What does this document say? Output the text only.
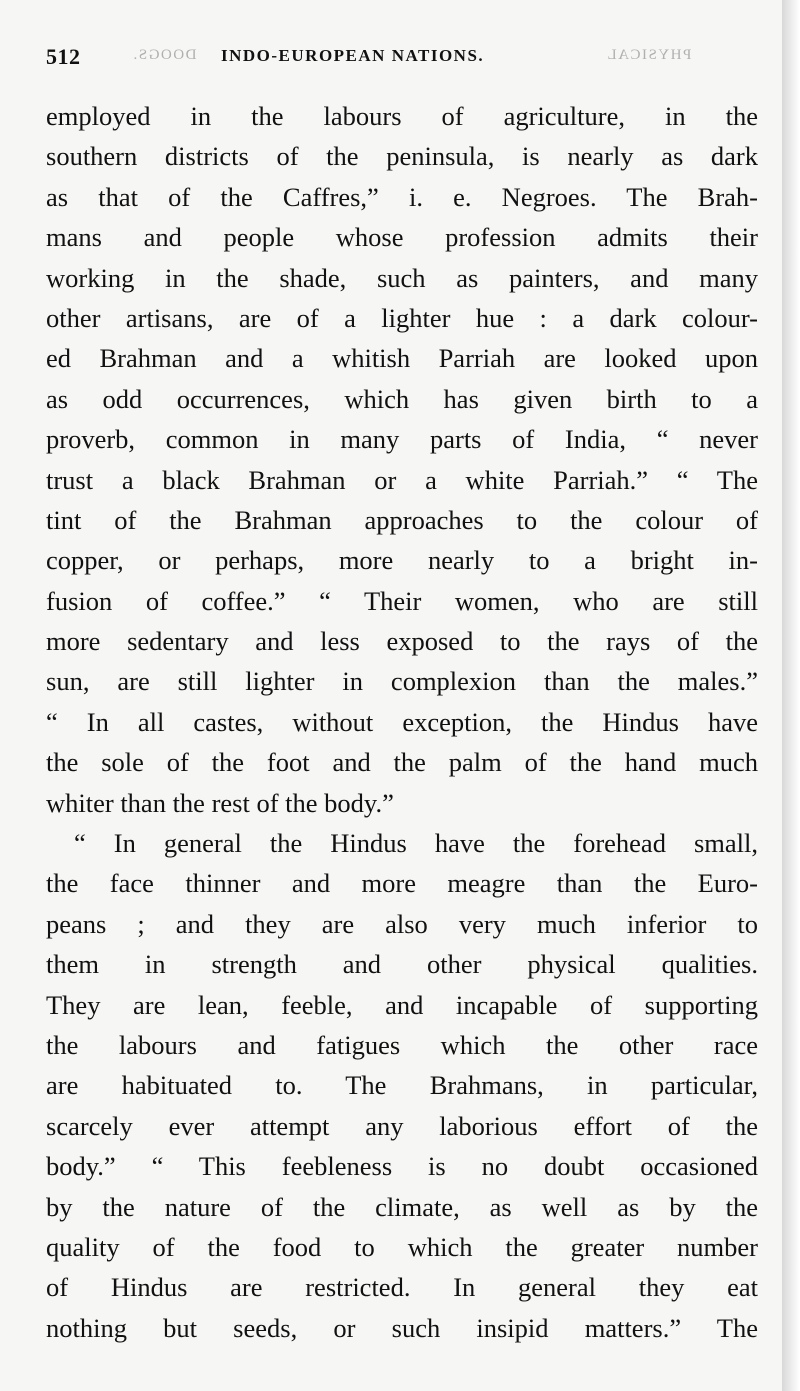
512	DOOGS. INDO-EUROPEAN NATIONS.	PHYSICAL
employed in the labours of agriculture, in the
southern districts of the peninsula, is nearly as dark
as that of the Caffres,” i. e. Negroes. The Brah-
mans and people whose profession admits their
working in the shade, such as painters, and many
other artisans, are of a lighter hue : a dark colour-
ed Brahman and a whitish Parriah are looked upon
as odd occurrences, which has given birth to a
proverb, common in many parts of India, “ never
trust a black Brahman or a white Parriah.” “ The
tint of the Brahman approaches to the colour of
copper, or perhaps, more nearly to a bright in-
fusion of coffee.” “ Their women, who are still
more sedentary and less exposed to the rays of the
sun, are still lighter in complexion than the males.”
“ In all castes, without exception, the Hindus have
the sole of the foot and the palm of the hand much
whiter than the rest of the body.”
“ In general the Hindus have the forehead small,
the face thinner and more meagre than the Euro-
peans ; and they are also very much inferior to
them in strength and other physical qualities.
They are lean, feeble, and incapable of supporting
the labours and fatigues which the other race
are habituated to. The Brahmans, in particular,
scarcely ever attempt any laborious effort of the
body.” “ This feebleness is no doubt occasioned
by the nature of the climate, as well as by the
quality of the food to which the greater number
of Hindus are restricted. In general they eat
nothing but seeds, or such insipid matters.” The
